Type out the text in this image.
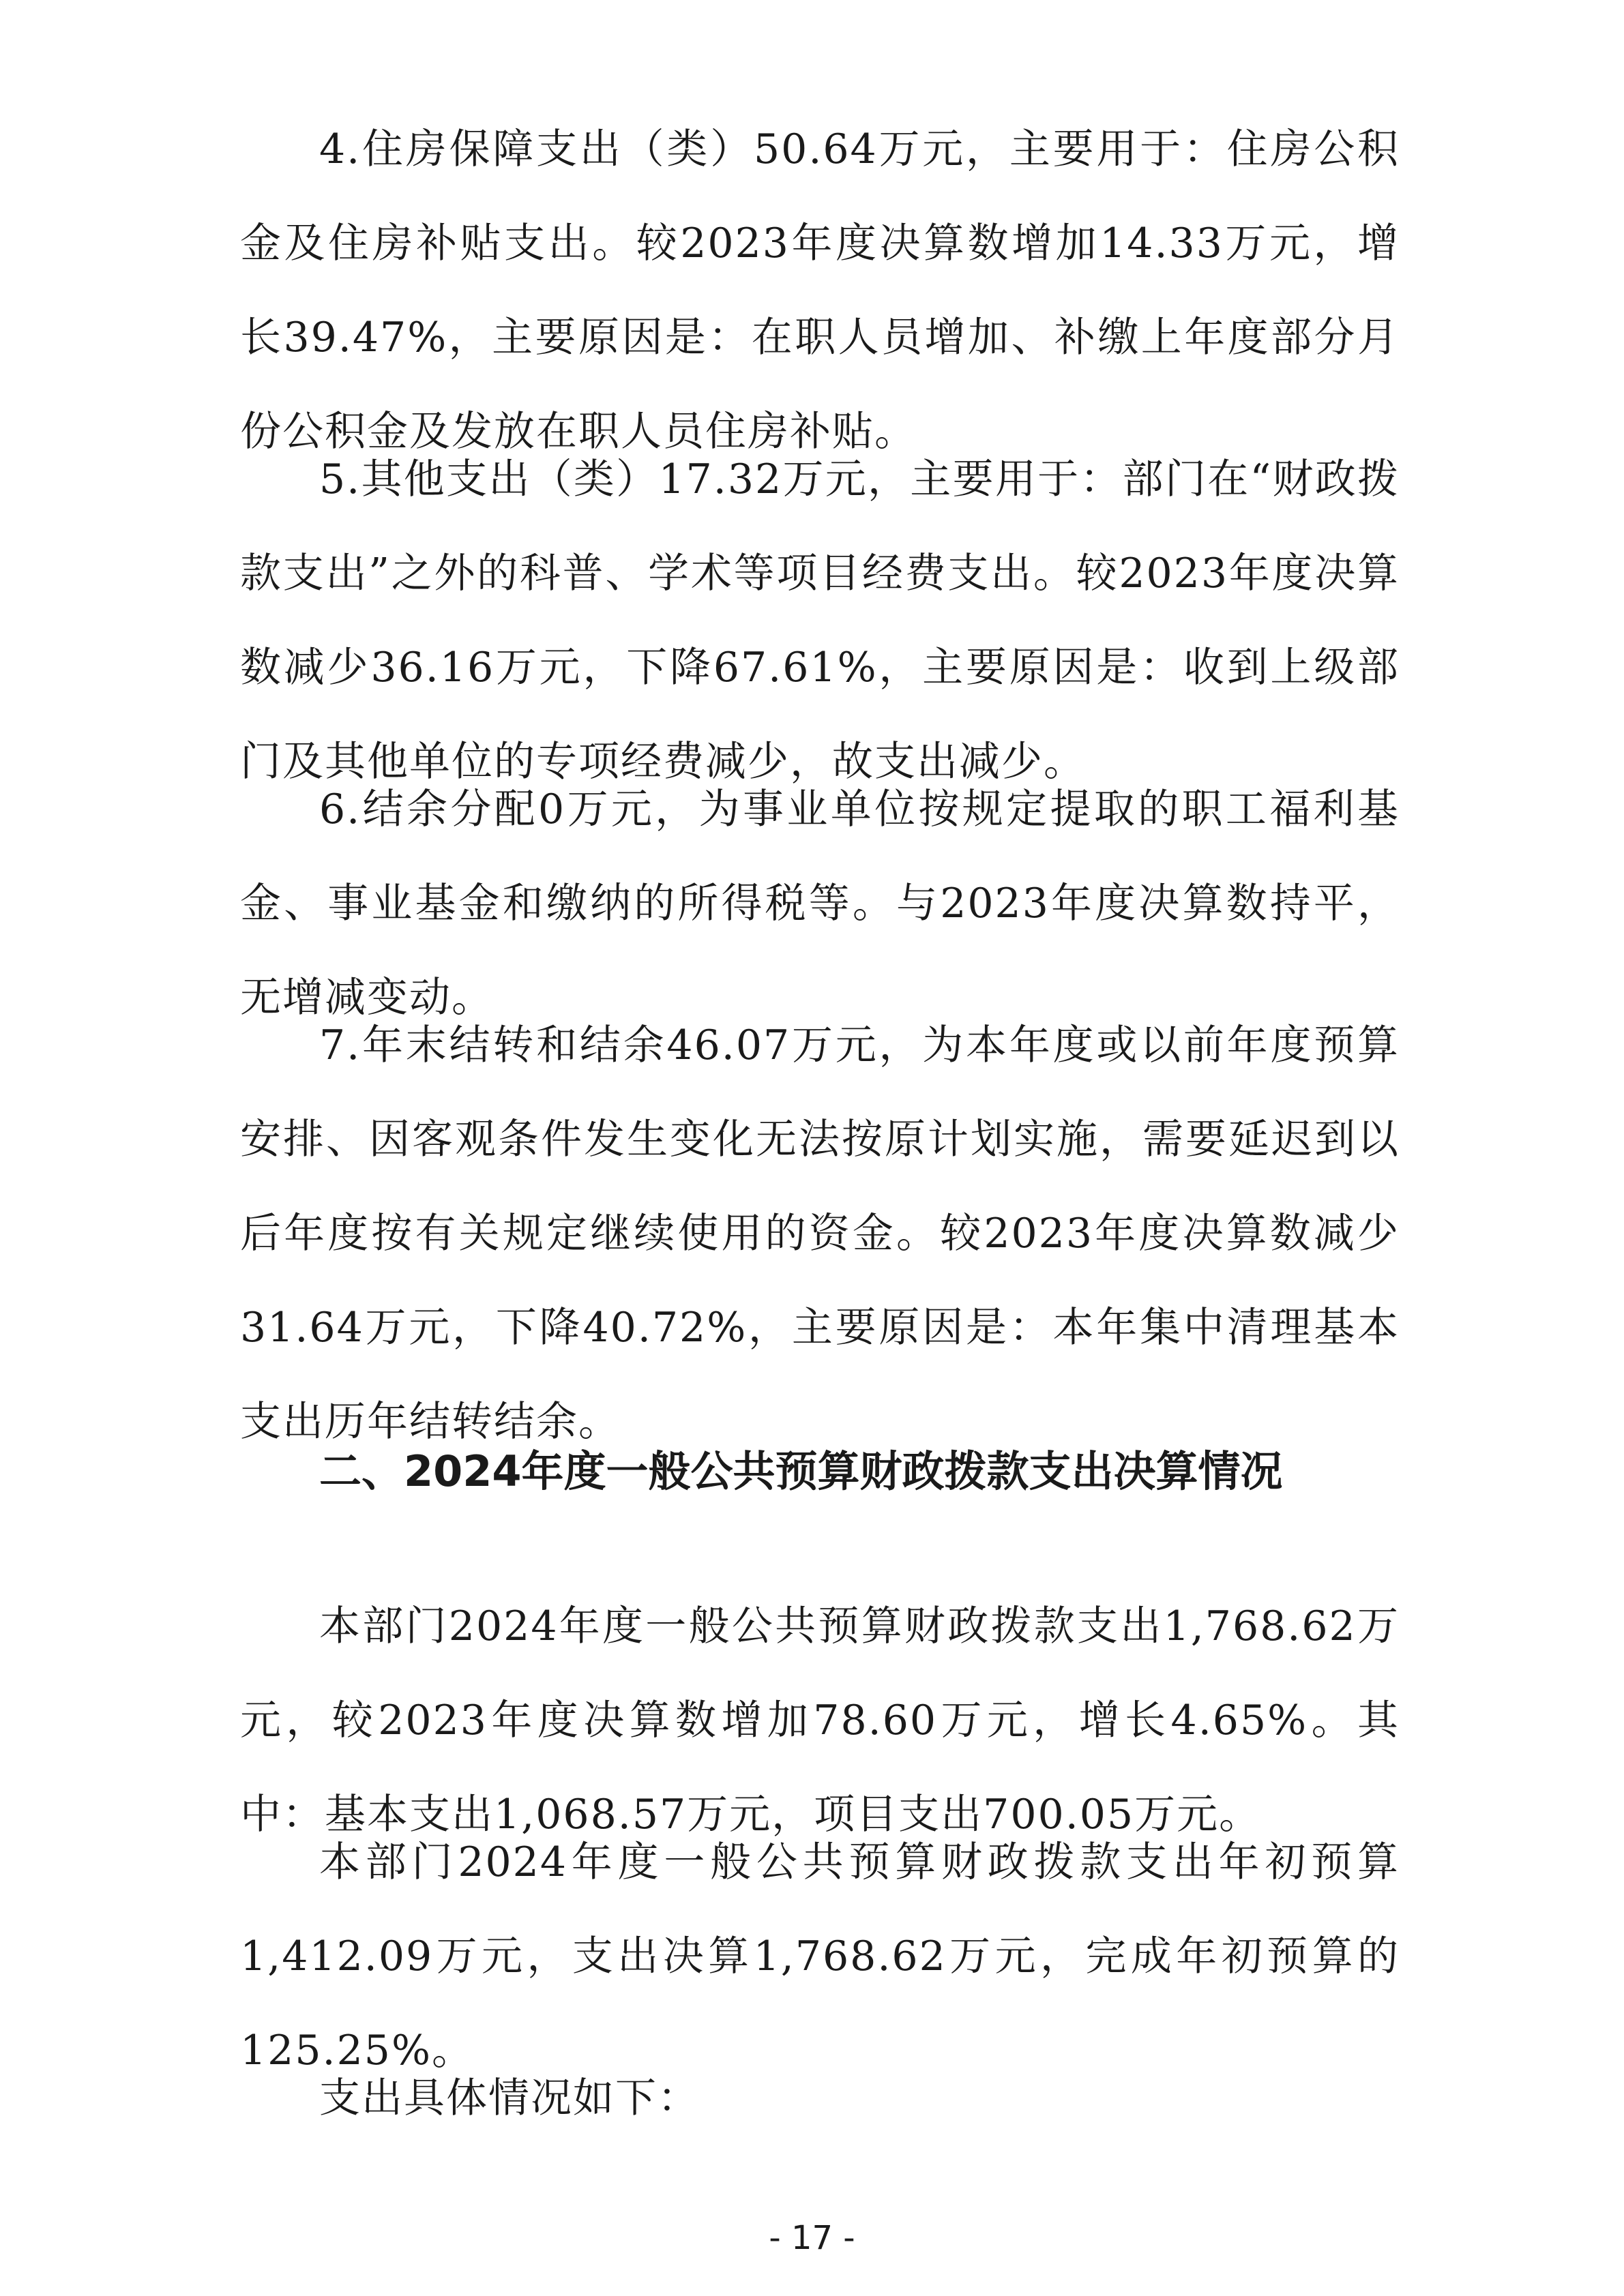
4.住房保障支出（类）50.64万元，主要用于：住房公积金及住房补贴支出。较2023年度决算数增加14.33万元，增长39.47%，主要原因是：在职人员增加、补缴上年度部分月份公积金及发放在职人员住房补贴。

5.其他支出（类）17.32万元，主要用于：部门在“财政拨款支出”之外的科普、学术等项目经费支出。较2023年度决算数减少36.16万元，下降67.61%，主要原因是：收到上级部门及其他单位的专项经费减少，故支出减少。

6.结余分配0万元，为事业单位按规定提取的职工福利基金、事业基金和缴纳的所得税等。与2023年度决算数持平，无增减变动。

7.年末结转和结余46.07万元，为本年度或以前年度预算安排、因客观条件发生变化无法按原计划实施，需要延迟到以后年度按有关规定继续使用的资金。较2023年度决算数减少31.64万元，下降40.72%，主要原因是：本年集中清理基本支出历年结转结余。

二、2024年度一般公共预算财政拨款支出决算情况

本部门2024年度一般公共预算财政拨款支出1,768.62万元，较2023年度决算数增加78.60万元，增长4.65%。其中：基本支出1,068.57万元，项目支出700.05万元。

本部门2024年度一般公共预算财政拨款支出年初预算1,412.09万元，支出决算1,768.62万元，完成年初预算的125.25%。

支出具体情况如下：

- 17 -
